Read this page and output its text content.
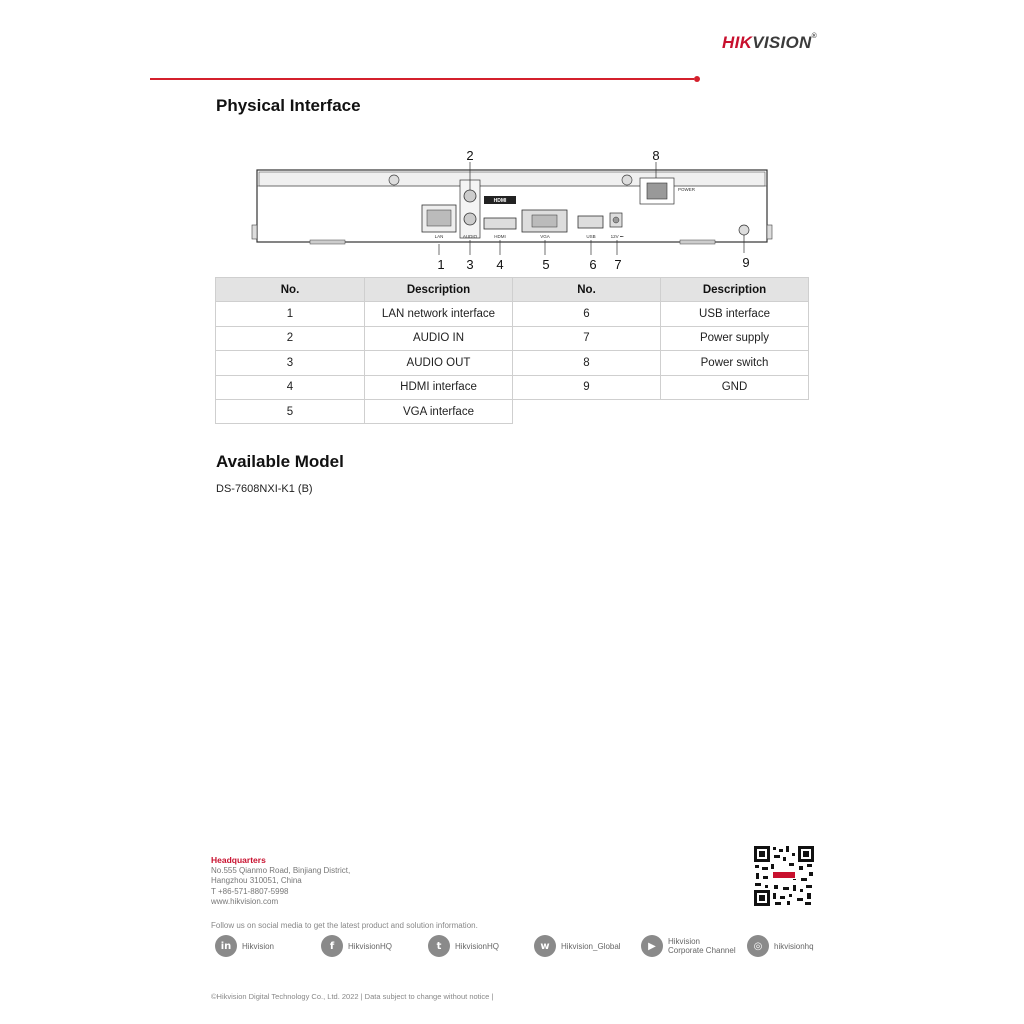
HIKVISION®
Physical Interface
LAN	AUDIO
HDMI
HDMI	VGA	USB	12V ⎓
POWER
1
2
3 4	5	6 7
8
9
No.	Description	No.	Description
1	LAN network interface	6	USB interface
2	AUDIO IN	7	Power supply
3	AUDIO OUT	8	Power switch
4	HDMI interface	9	GND
5	VGA interface		
Available Model
DS-7608NXI-K1 (B)
Headquarters
No.555 Qianmo Road, Binjiang District,
Hangzhou 310051, China
T +86-571-8807-5998
www.hikvision.com
Follow us on social media to get the latest product and solution information.
in	Hikvision	f	HikvisionHQ	t	HikvisionHQ	w	Hikvision_Global	▶	Hikvision
Corporate Channel	◎	hikvisionhq
©Hikvision Digital Technology Co., Ltd. 2022 | Data subject to change without notice |
